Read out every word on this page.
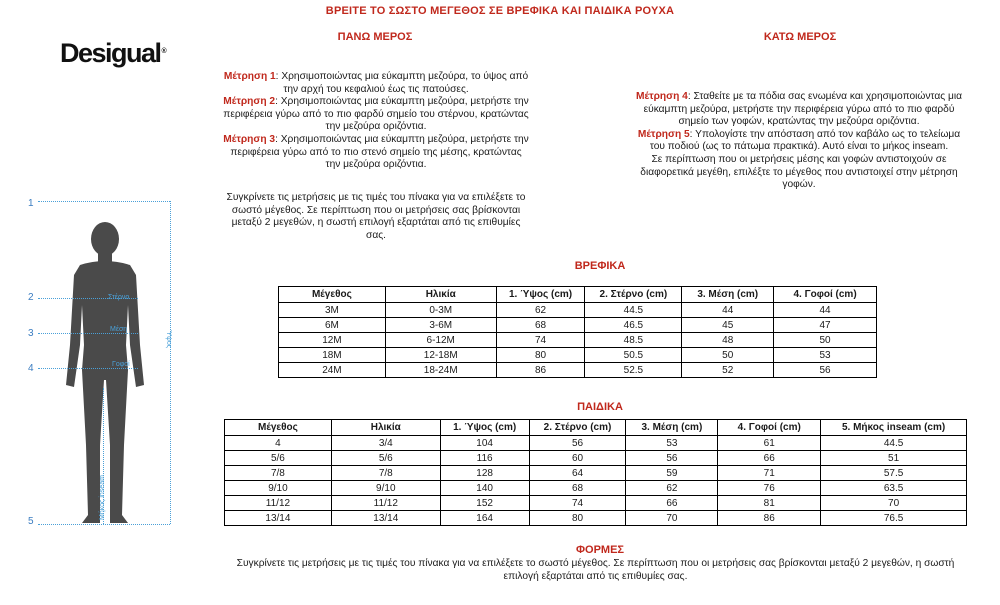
ΒΡΕΙΤΕ ΤΟ ΣΩΣΤΟ ΜΕΓΕΘΟΣ ΣΕ ΒΡΕΦΙΚΑ ΚΑΙ ΠΑΙΔΙΚΑ ΡΟΥΧΑ
Desigual®
ΠΑΝΩ ΜΕΡΟΣ
Μέτρηση 1: Χρησιμοποιώντας μια εύκαμπτη μεζούρα, το ύψος από την αρχή του κεφαλιού έως τις πατούσες.
Μέτρηση 2: Χρησιμοποιώντας μια εύκαμπτη μεζούρα, μετρήστε την περιφέρεια γύρω από το πιο φαρδύ σημείο του στέρνου, κρατώντας την μεζούρα οριζόντια.
Μέτρηση 3: Χρησιμοποιώντας μια εύκαμπτη μεζούρα, μετρήστε την περιφέρεια γύρω από το πιο στενό σημείο της μέσης, κρατώντας την μεζούρα οριζόντια.
Συγκρίνετε τις μετρήσεις με τις τιμές του πίνακα για να επιλέξετε το σωστό μέγεθος. Σε περίπτωση που οι μετρήσεις σας βρίσκονται μεταξύ 2 μεγεθών, η σωστή επιλογή εξαρτάται από τις επιθυμίες σας.
ΚΑΤΩ ΜΕΡΟΣ
Μέτρηση 4: Σταθείτε με τα πόδια σας ενωμένα και χρησιμοποιώντας μια εύκαμπτη μεζούρα, μετρήστε την περιφέρεια γύρω από το πιο φαρδύ σημείο των γοφών, κρατώντας την μεζούρα οριζόντια.
Μέτρηση 5: Υπολογίστε την απόσταση από τον καβάλο ως το τελείωμα του ποδιού (ως το πάτωμα πρακτικά). Αυτό είναι το μήκος inseam.
Σε περίπτωση που οι μετρήσεις μέσης και γοφών αντιστοιχούν σε διαφορετικά μεγέθη, επιλέξτε το μέγεθος που αντιστοιχεί στην μέτρηση γοφών.
1
2
3
4
5
Ύψος
Στέρνο
Μέση
Γοφοί
Μήκος inseam
ΒΡΕΦΙΚΑ
Μέγεθος	Ηλικία	1. Ύψος (cm)	2. Στέρνο (cm)	3. Μέση (cm)	4. Γοφοί (cm)
3M	0-3M	62	44.5	44	44
6M	3-6M	68	46.5	45	47
12M	6-12M	74	48.5	48	50
18M	12-18M	80	50.5	50	53
24M	18-24M	86	52.5	52	56
ΠΑΙΔΙΚΑ
Μέγεθος	Ηλικία	1. Ύψος (cm)	2. Στέρνο (cm)	3. Μέση (cm)	4. Γοφοί (cm)	5. Μήκος inseam (cm)
4	3/4	104	56	53	61	44.5
5/6	5/6	116	60	56	66	51
7/8	7/8	128	64	59	71	57.5
9/10	9/10	140	68	62	76	63.5
11/12	11/12	152	74	66	81	70
13/14	13/14	164	80	70	86	76.5
ΦΟΡΜΕΣ
Συγκρίνετε τις μετρήσεις με τις τιμές του πίνακα για να επιλέξετε το σωστό μέγεθος. Σε περίπτωση που οι μετρήσεις σας βρίσκονται μεταξύ 2 μεγεθών, η σωστή επιλογή εξαρτάται από τις επιθυμίες σας.
